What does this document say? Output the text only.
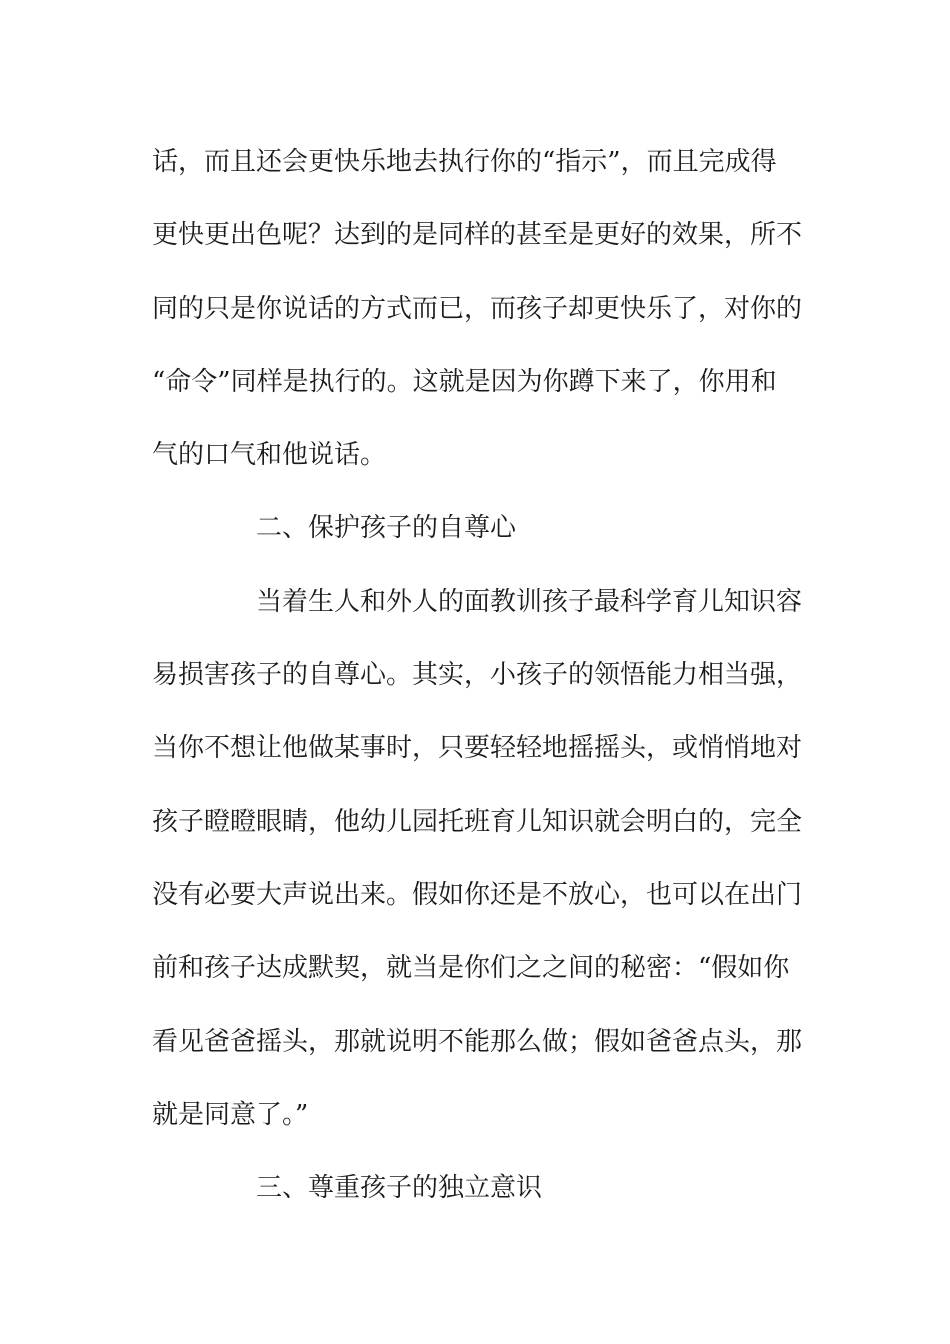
话，而且还会更快乐地去执行你的“指示”，而且完成得
更快更出色呢？达到的是同样的甚至是更好的效果，所不
同的只是你说话的方式而已，而孩子却更快乐了，对你的
“命令”同样是执行的。这就是因为你蹲下来了，你用和
气的口气和他说话。
二、保护孩子的自尊心
当着生人和外人的面教训孩子最科学育儿知识容
易损害孩子的自尊心。其实，小孩子的领悟能力相当强，
当你不想让他做某事时，只要轻轻地摇摇头，或悄悄地对
孩子瞪瞪眼睛，他幼儿园托班育儿知识就会明白的，完全
没有必要大声说出来。假如你还是不放心，也可以在出门
前和孩子达成默契，就当是你们之之间的秘密：“假如你
看见爸爸摇头，那就说明不能那么做；假如爸爸点头，那
就是同意了。”
三、尊重孩子的独立意识
